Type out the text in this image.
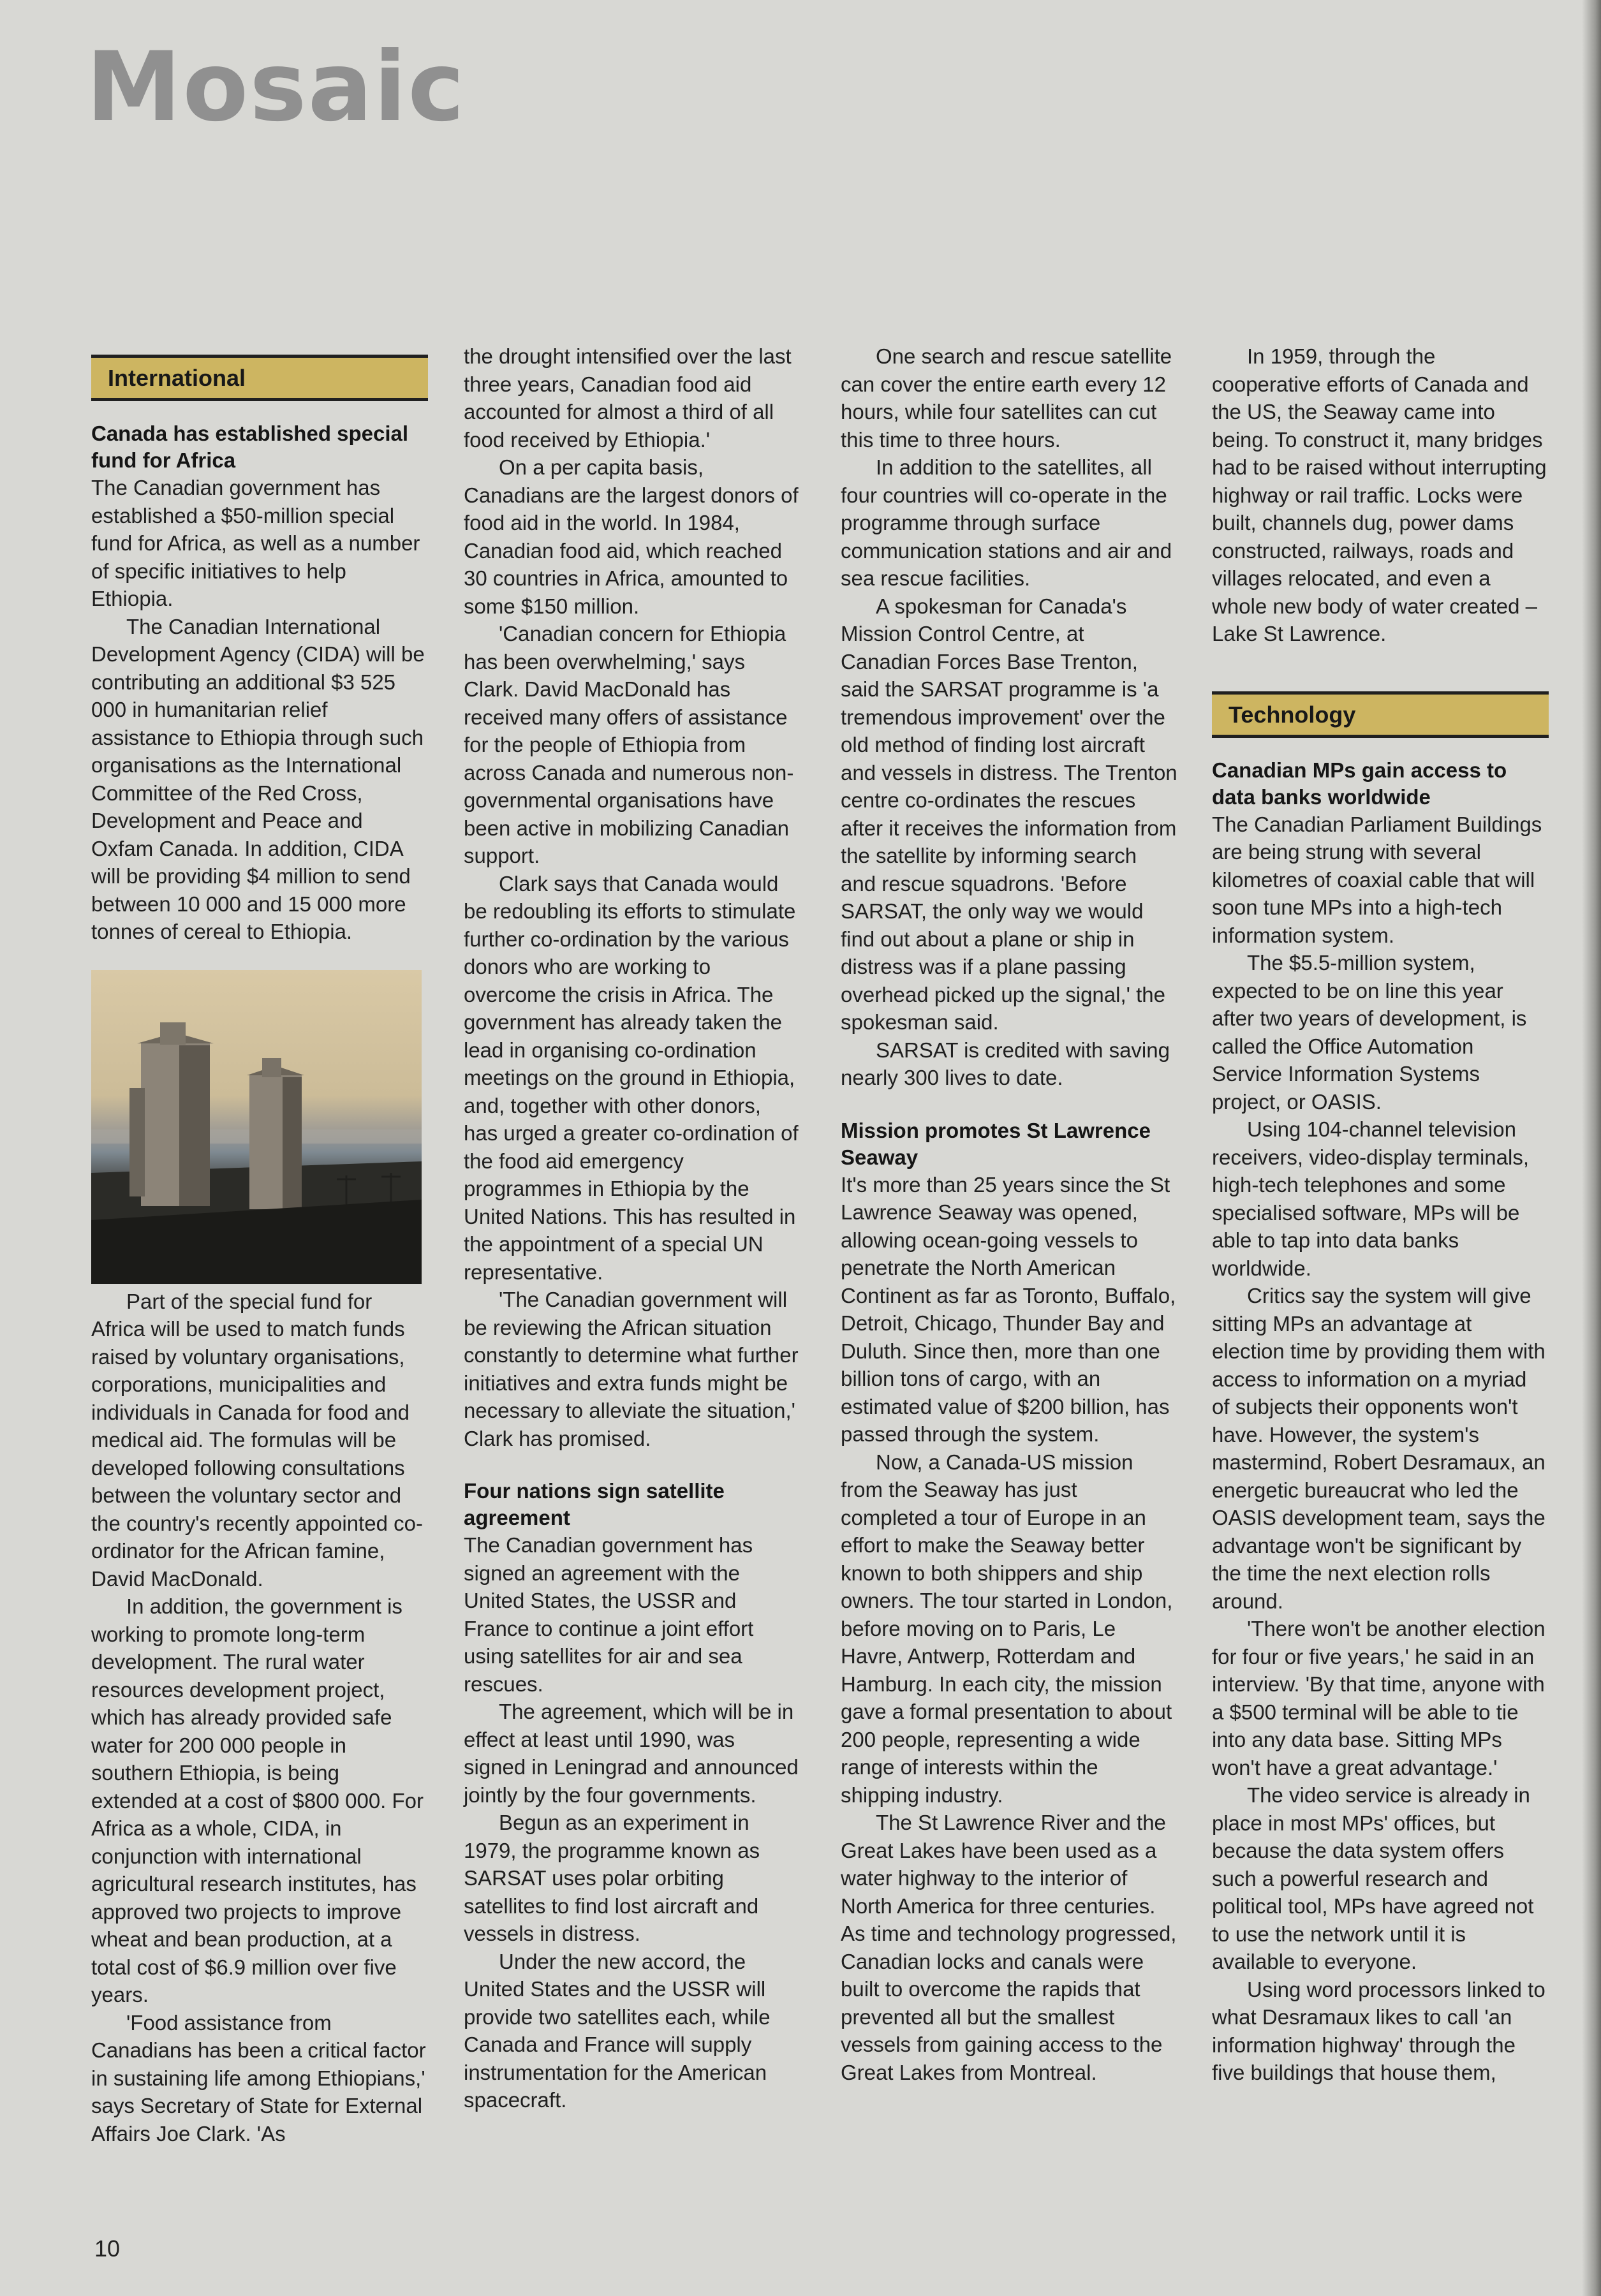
Mosaic
International
Canada has established special fund for Africa

The Canadian government has established a $50-million special fund for Africa, as well as a number of specific initiatives to help Ethiopia.

The Canadian International Development Agency (CIDA) will be contributing an additional $3 525 000 in humanitarian relief assistance to Ethiopia through such organisations as the International Committee of the Red Cross, Development and Peace and Oxfam Canada. In addition, CIDA will be providing $4 million to send between 10 000 and 15 000 more tonnes of cereal to Ethiopia.

Part of the special fund for Africa will be used to match funds raised by voluntary organisations, corporations, municipalities and individuals in Canada for food and medical aid. The formulas will be developed following consultations between the voluntary sector and the country's recently appointed co-ordinator for the African famine, David MacDonald.

In addition, the government is working to promote long-term development. The rural water resources development project, which has already provided safe water for 200 000 people in southern Ethiopia, is being extended at a cost of $800 000. For Africa as a whole, CIDA, in conjunction with international agricultural research institutes, has approved two projects to improve wheat and bean production, at a total cost of $6.9 million over five years.

'Food assistance from Canadians has been a critical factor in sustaining life among Ethiopians,' says Secretary of State for External Affairs Joe Clark. 'As

the drought intensified over the last three years, Canadian food aid accounted for almost a third of all food received by Ethiopia.'

On a per capita basis, Canadians are the largest donors of food aid in the world. In 1984, Canadian food aid, which reached 30 countries in Africa, amounted to some $150 million.

'Canadian concern for Ethiopia has been overwhelming,' says Clark. David MacDonald has received many offers of assistance for the people of Ethiopia from across Canada and numerous non-governmental organisations have been active in mobilizing Canadian support.

Clark says that Canada would be redoubling its efforts to stimulate further co-ordination by the various donors who are working to overcome the crisis in Africa. The government has already taken the lead in organising co-ordination meetings on the ground in Ethiopia, and, together with other donors, has urged a greater co-ordination of the food aid emergency programmes in Ethiopia by the United Nations. This has resulted in the appointment of a special UN representative.

'The Canadian government will be reviewing the African situation constantly to determine what further initiatives and extra funds might be necessary to alleviate the situation,' Clark has promised.

Four nations sign satellite agreement

The Canadian government has signed an agreement with the United States, the USSR and France to continue a joint effort using satellites for air and sea rescues.

The agreement, which will be in effect at least until 1990, was signed in Leningrad and announced jointly by the four governments.

Begun as an experiment in 1979, the programme known as SARSAT uses polar orbiting satellites to find lost aircraft and vessels in distress.

Under the new accord, the United States and the USSR will provide two satellites each, while Canada and France will supply instrumentation for the American spacecraft.

One search and rescue satellite can cover the entire earth every 12 hours, while four satellites can cut this time to three hours.

In addition to the satellites, all four countries will co-operate in the programme through surface communication stations and air and sea rescue facilities.

A spokesman for Canada's Mission Control Centre, at Canadian Forces Base Trenton, said the SARSAT programme is 'a tremendous improvement' over the old method of finding lost aircraft and vessels in distress. The Trenton centre co-ordinates the rescues after it receives the information from the satellite by informing search and rescue squadrons. 'Before SARSAT, the only way we would find out about a plane or ship in distress was if a plane passing overhead picked up the signal,' the spokesman said.

SARSAT is credited with saving nearly 300 lives to date.

Mission promotes St Lawrence Seaway

It's more than 25 years since the St Lawrence Seaway was opened, allowing ocean-going vessels to penetrate the North American Continent as far as Toronto, Buffalo, Detroit, Chicago, Thunder Bay and Duluth. Since then, more than one billion tons of cargo, with an estimated value of $200 billion, has passed through the system.

Now, a Canada-US mission from the Seaway has just completed a tour of Europe in an effort to make the Seaway better known to both shippers and ship owners. The tour started in London, before moving on to Paris, Le Havre, Antwerp, Rotterdam and Hamburg. In each city, the mission gave a formal presentation to about 200 people, representing a wide range of interests within the shipping industry.

The St Lawrence River and the Great Lakes have been used as a water highway to the interior of North America for three centuries. As time and technology progressed, Canadian locks and canals were built to overcome the rapids that prevented all but the smallest vessels from gaining access to the Great Lakes from Montreal.

In 1959, through the cooperative efforts of Canada and the US, the Seaway came into being. To construct it, many bridges had to be raised without interrupting highway or rail traffic. Locks were built, channels dug, power dams constructed, railways, roads and villages relocated, and even a whole new body of water created – Lake St Lawrence.

Technology
Canadian MPs gain access to data banks worldwide

The Canadian Parliament Buildings are being strung with several kilometres of coaxial cable that will soon tune MPs into a high-tech information system.

The $5.5-million system, expected to be on line this year after two years of development, is called the Office Automation Service Information Systems project, or OASIS.

Using 104-channel television receivers, video-display terminals, high-tech telephones and some specialised software, MPs will be able to tap into data banks worldwide.

Critics say the system will give sitting MPs an advantage at election time by providing them with access to information on a myriad of subjects their opponents won't have. However, the system's mastermind, Robert Desramaux, an energetic bureaucrat who led the OASIS development team, says the advantage won't be significant by the time the next election rolls around.

'There won't be another election for four or five years,' he said in an interview. 'By that time, anyone with a $500 terminal will be able to tie into any data base. Sitting MPs won't have a great advantage.'

The video service is already in place in most MPs' offices, but because the data system offers such a powerful research and political tool, MPs have agreed not to use the network until it is available to everyone.

Using word processors linked to what Desramaux likes to call 'an information highway' through the five buildings that house them,

10
